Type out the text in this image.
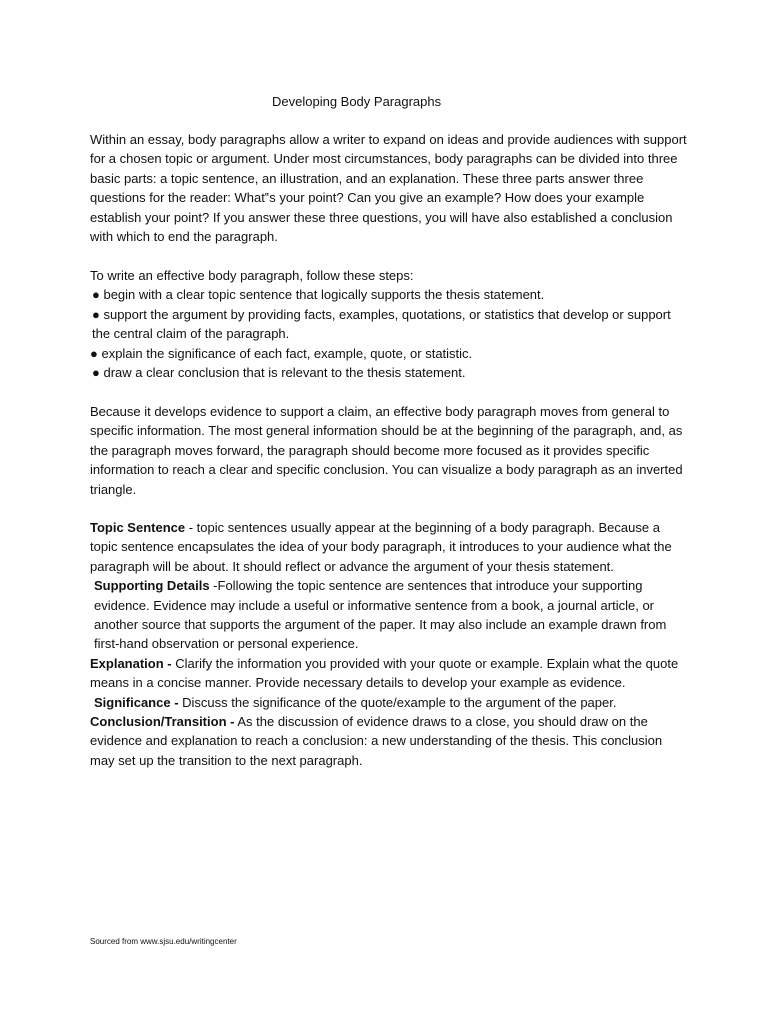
Developing Body Paragraphs

Within an essay, body paragraphs allow a writer to expand on ideas and provide audiences with support for a chosen topic or argument. Under most circumstances, body paragraphs can be divided into three basic parts: a topic sentence, an illustration, and an explanation. These three parts answer three questions for the reader: What‟s your point? Can you give an example? How does your example establish your point? If you answer these three questions, you will have also established a conclusion with which to end the paragraph.

To write an effective body paragraph, follow these steps:

● begin with a clear topic sentence that logically supports the thesis statement.
● support the argument by providing facts, examples, quotations, or statistics that develop or support the central claim of the paragraph.
● explain the significance of each fact, example, quote, or statistic.
● draw a clear conclusion that is relevant to the thesis statement.

Because it develops evidence to support a claim, an effective body paragraph moves from general to specific information. The most general information should be at the beginning of the paragraph, and, as the paragraph moves forward, the paragraph should become more focused as it provides specific information to reach a clear and specific conclusion. You can visualize a body paragraph as an inverted triangle.

Topic Sentence - topic sentences usually appear at the beginning of a body paragraph. Because a topic sentence encapsulates the idea of your body paragraph, it introduces to your audience what the paragraph will be about. It should reflect or advance the argument of your thesis statement.

Supporting Details -Following the topic sentence are sentences that introduce your supporting evidence. Evidence may include a useful or informative sentence from a book, a journal article, or another source that supports the argument of the paper. It may also include an example drawn from first-hand observation or personal experience.

Explanation - Clarify the information you provided with your quote or example. Explain what the quote means in a concise manner. Provide necessary details to develop your example as evidence.

Significance - Discuss the significance of the quote/example to the argument of the paper.

Conclusion/Transition - As the discussion of evidence draws to a close, you should draw on the evidence and explanation to reach a conclusion: a new understanding of the thesis. This conclusion may set up the transition to the next paragraph.

Sourced from www.sjsu.edu/writingcenter
